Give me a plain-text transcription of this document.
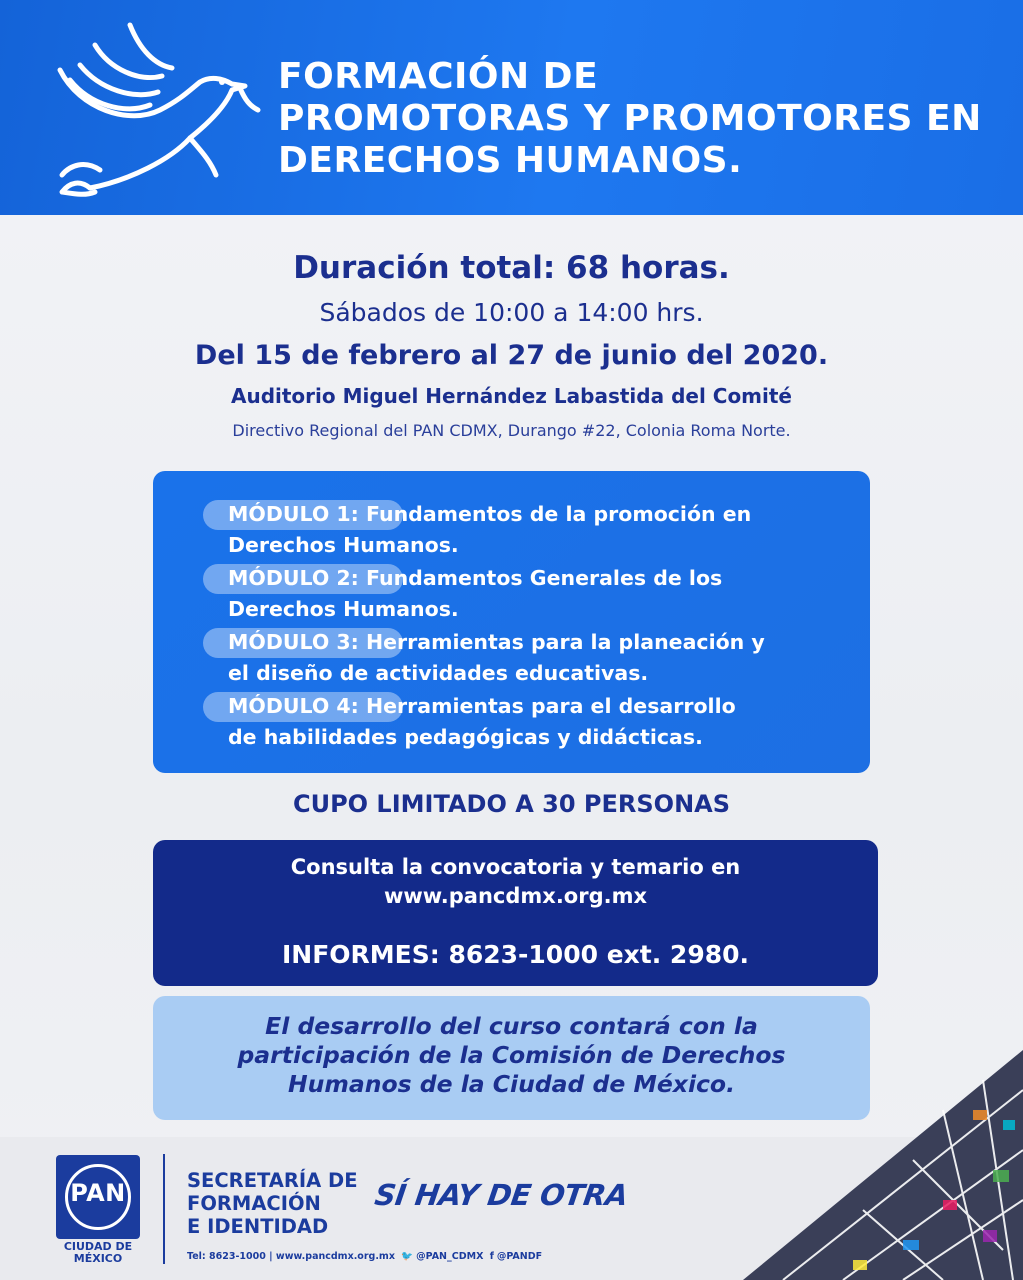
FORMACIÓN DE
PROMOTORAS Y PROMOTORES EN
DERECHOS HUMANOS.
Duración total: 68 horas.
Sábados de 10:00 a 14:00 hrs.
Del 15 de febrero al 27 de junio del 2020.
Auditorio Miguel Hernández Labastida del Comité
Directivo Regional del PAN CDMX, Durango #22, Colonia Roma Norte.
MÓDULO 1: Fundamentos de la promoción en
Derechos Humanos.
MÓDULO 2: Fundamentos Generales de los
Derechos Humanos.
MÓDULO 3: Herramientas para la planeación y
el diseño de actividades educativas.
MÓDULO 4: Herramientas para el desarrollo
de habilidades pedagógicas y didácticas.
CUPO LIMITADO A 30 PERSONAS
Consulta la convocatoria y temario en
www.pancdmx.org.mx
INFORMES: 8623-1000 ext. 2980.
El desarrollo del curso contará con la
participación de la Comisión de Derechos
Humanos de la Ciudad de México.
PAN
CIUDAD DE
MÉXICO
SECRETARÍA DE
FORMACIÓN
E IDENTIDAD
SÍ HAY DE OTRA
Tel: 8623-1000 | www.pancdmx.org.mx 🐦 @PAN_CDMX f @PANDF
